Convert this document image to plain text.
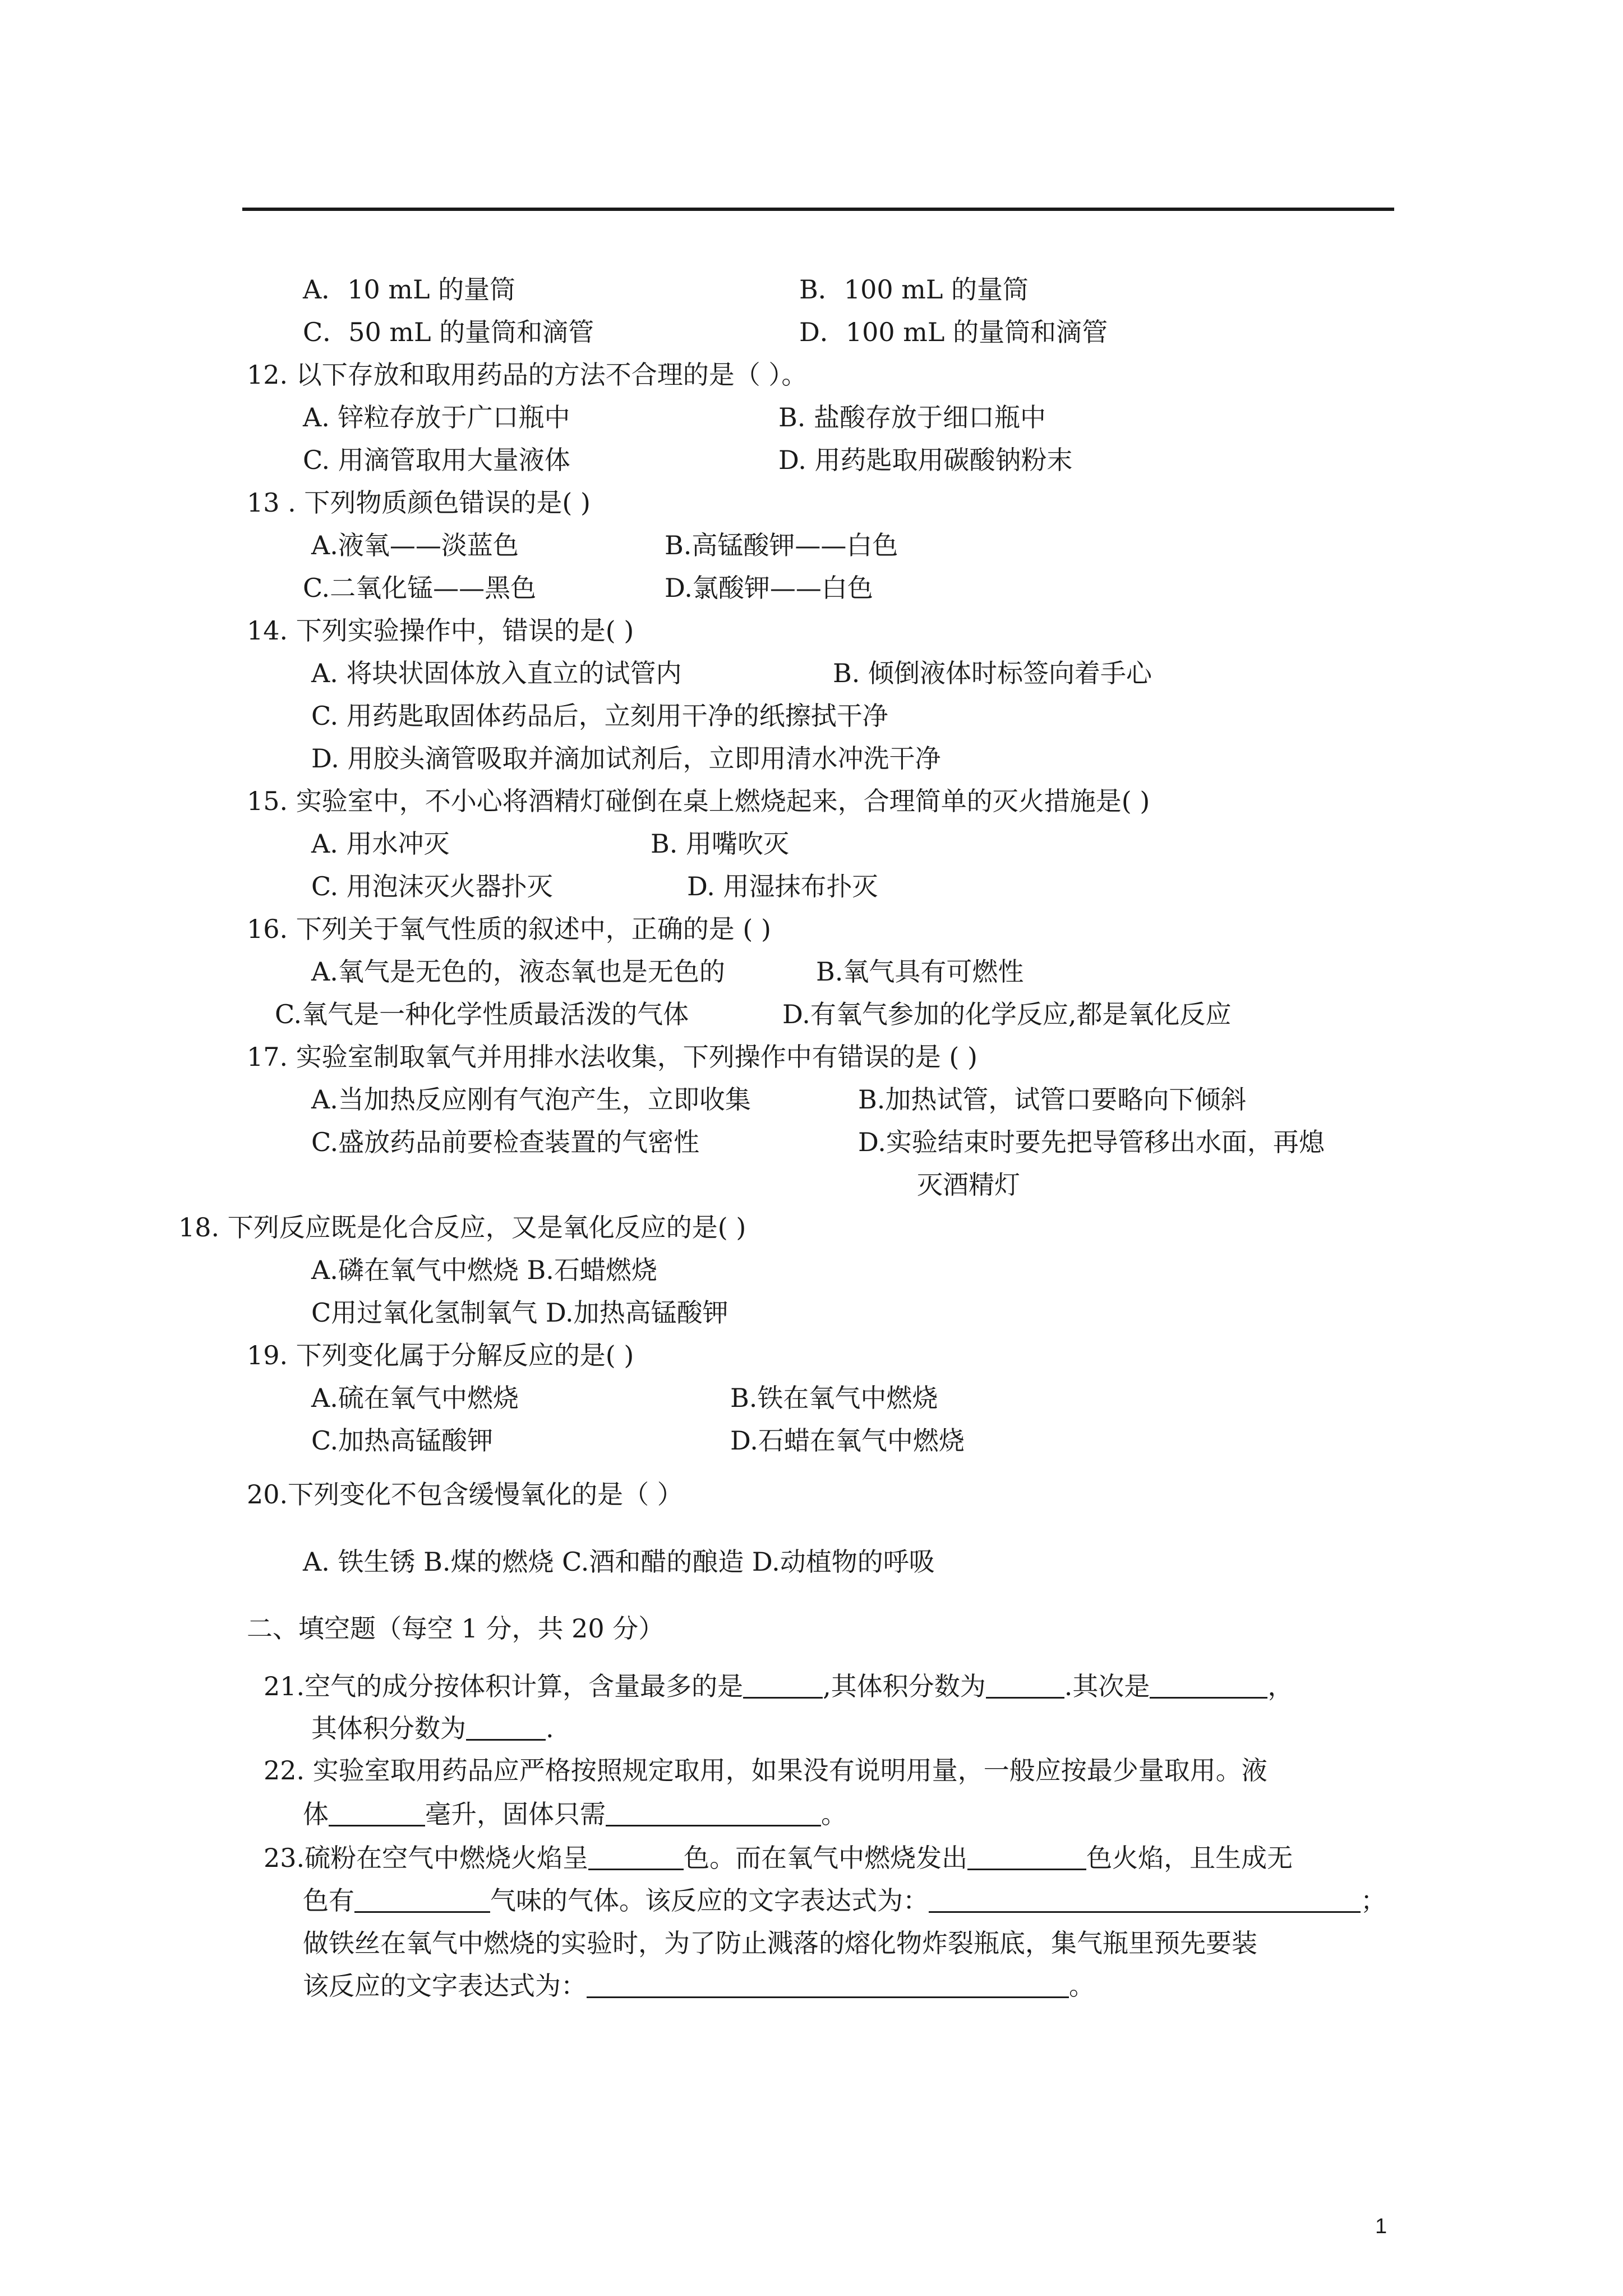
A．10 mL 的量筒	B．100 mL 的量筒
C．50 mL 的量筒和滴管	D．100 mL 的量筒和滴管
12. 以下存放和取用药品的方法不合理的是（ ）。
A. 锌粒存放于广口瓶中	B. 盐酸存放于细口瓶中
C. 用滴管取用大量液体	D. 用药匙取用碳酸钠粉末
13 . 下列物质颜色错误的是( )
A.液氧——淡蓝色	B.高锰酸钾——白色
C.二氧化锰——黑色	D.氯酸钾——白色
14. 下列实验操作中，错误的是( )
A. 将块状固体放入直立的试管内	B. 倾倒液体时标签向着手心
C. 用药匙取固体药品后，立刻用干净的纸擦拭干净
D. 用胶头滴管吸取并滴加试剂后，立即用清水冲洗干净
15. 实验室中，不小心将酒精灯碰倒在桌上燃烧起来，合理简单的灭火措施是( )
A. 用水冲灭	B. 用嘴吹灭
C. 用泡沫灭火器扑灭	D. 用湿抹布扑灭
16. 下列关于氧气性质的叙述中，正确的是 ( )
A.氧气是无色的，液态氧也是无色的	B.氧气具有可燃性
C.氧气是一种化学性质最活泼的气体	D.有氧气参加的化学反应,都是氧化反应
17. 实验室制取氧气并用排水法收集，下列操作中有错误的是 ( )
A.当加热反应刚有气泡产生，立即收集	B.加热试管，试管口要略向下倾斜
C.盛放药品前要检查装置的气密性	D.实验结束时要先把导管移出水面，再熄
灭酒精灯
18. 下列反应既是化合反应，又是氧化反应的是( )
A.磷在氧气中燃烧 B.石蜡燃烧
C用过氧化氢制氧气 D.加热高锰酸钾
19. 下列变化属于分解反应的是( )
A.硫在氧气中燃烧	B.铁在氧气中燃烧
C.加热高锰酸钾	D.石蜡在氧气中燃烧
20.下列变化不包含缓慢氧化的是（ ）
A. 铁生锈 B.煤的燃烧 C.酒和醋的酿造 D.动植物的呼吸
二、填空题（每空 1 分，共 20 分）
21.空气的成分按体积计算，含量最多的是	,其体积分数为	.其次是	，
其体积分数为	.
22. 实验室取用药品应严格按照规定取用，如果没有说明用量，一般应按最少量取用。液
体	毫升，固体只需	。
23.硫粉在空气中燃烧火焰呈	色。而在氧气中燃烧发出	色火焰，且生成无
色有	气味的气体。该反应的文字表达式为：	；
做铁丝在氧气中燃烧的实验时，为了防止溅落的熔化物炸裂瓶底，集气瓶里预先要装
该反应的文字表达式为：	。
1
